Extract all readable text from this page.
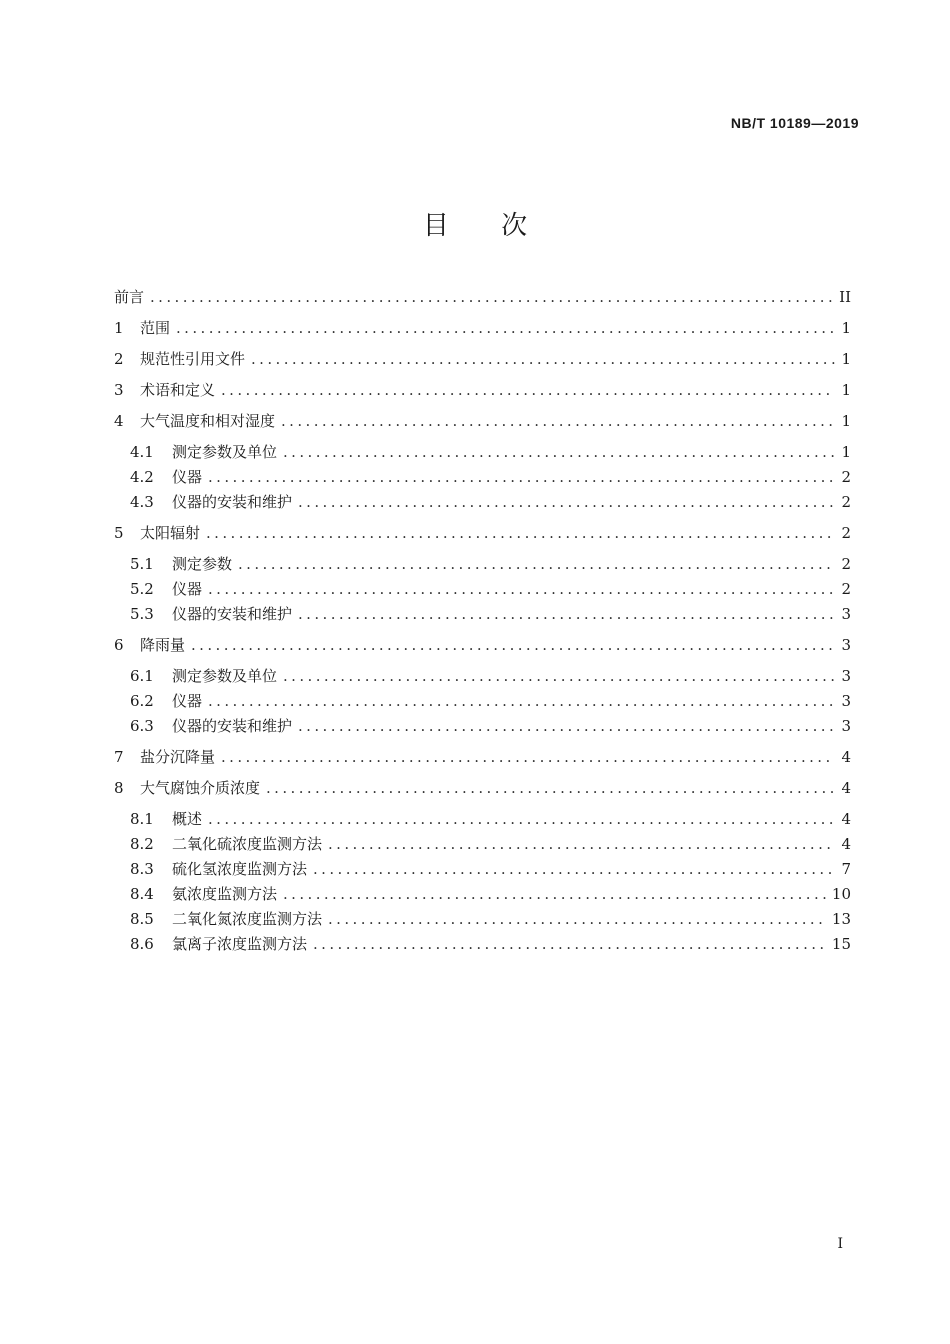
NB/T 10189—2019
目 次
前言 .....	II
1	范围 .....	1
2	规范性引用文件 .....	1
3	术语和定义 .....	1
4	大气温度和相对湿度 .....	1
4.1	测定参数及单位 .....	1
4.2	仪器 .....	2
4.3	仪器的安装和维护 .....	2
5	太阳辐射 .....	2
5.1	测定参数 .....	2
5.2	仪器 .....	2
5.3	仪器的安装和维护 .....	3
6	降雨量 .....	3
6.1	测定参数及单位 .....	3
6.2	仪器 .....	3
6.3	仪器的安装和维护 .....	3
7	盐分沉降量 .....	4
8	大气腐蚀介质浓度 .....	4
8.1	概述 .....	4
8.2	二氧化硫浓度监测方法 .....	4
8.3	硫化氢浓度监测方法 .....	7
8.4	氨浓度监测方法 .....	10
8.5	二氧化氮浓度监测方法 .....	13
8.6	氯离子浓度监测方法 .....	15
I
